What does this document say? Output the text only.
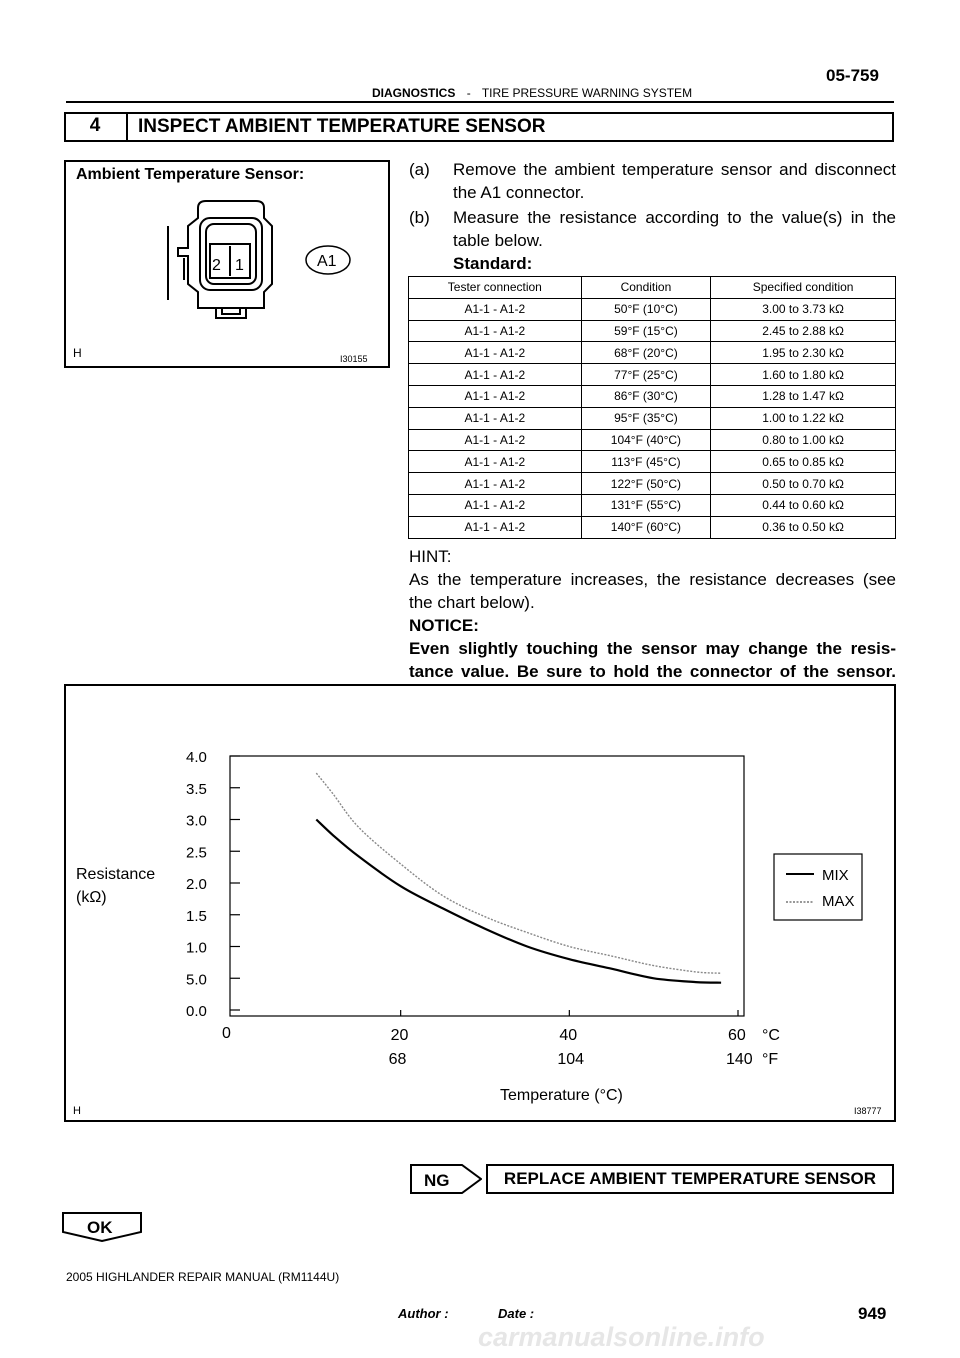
05-759
DIAGNOSTICS - TIRE PRESSURE WARNING SYSTEM
4	INSPECT AMBIENT TEMPERATURE SENSOR
Ambient Temperature Sensor:
2 1	A1
H	I30155
(a) Remove the ambient temperature sensor and disconnect
the A1 connector.
(b) Measure the resistance according to the value(s) in the
table below.
Standard:
Tester connection	Condition	Specified condition
A1-1 - A1-2	50°F (10°C)	3.00 to 3.73 kΩ
A1-1 - A1-2	59°F (15°C)	2.45 to 2.88 kΩ
A1-1 - A1-2	68°F (20°C)	1.95 to 2.30 kΩ
A1-1 - A1-2	77°F (25°C)	1.60 to 1.80 kΩ
A1-1 - A1-2	86°F (30°C)	1.28 to 1.47 kΩ
A1-1 - A1-2	95°F (35°C)	1.00 to 1.22 kΩ
A1-1 - A1-2	104°F (40°C)	0.80 to 1.00 kΩ
A1-1 - A1-2	113°F (45°C)	0.65 to 0.85 kΩ
A1-1 - A1-2	122°F (50°C)	0.50 to 0.70 kΩ
A1-1 - A1-2	131°F (55°C)	0.44 to 0.60 kΩ
A1-1 - A1-2	140°F (60°C)	0.36 to 0.50 kΩ
HINT:
As the temperature increases, the resistance decreases (see
the chart below).
NOTICE:
Even slightly touching the sensor may change the resis-
tance value. Be sure to hold the connector of the sensor.
Resistance
(kΩ)
Temperature (°C)
°C
°F
MIX
MAX
H	I38777
0.0
5.0
1.0
1.5
2.0
2.5
3.0
3.5
4.0
0	20	40	60
68	104	140
NG	REPLACE AMBIENT TEMPERATURE SENSOR
OK
2005 HIGHLANDER REPAIR MANUAL (RM1144U)
Author :	Date :	949
carmanualsonline.info
